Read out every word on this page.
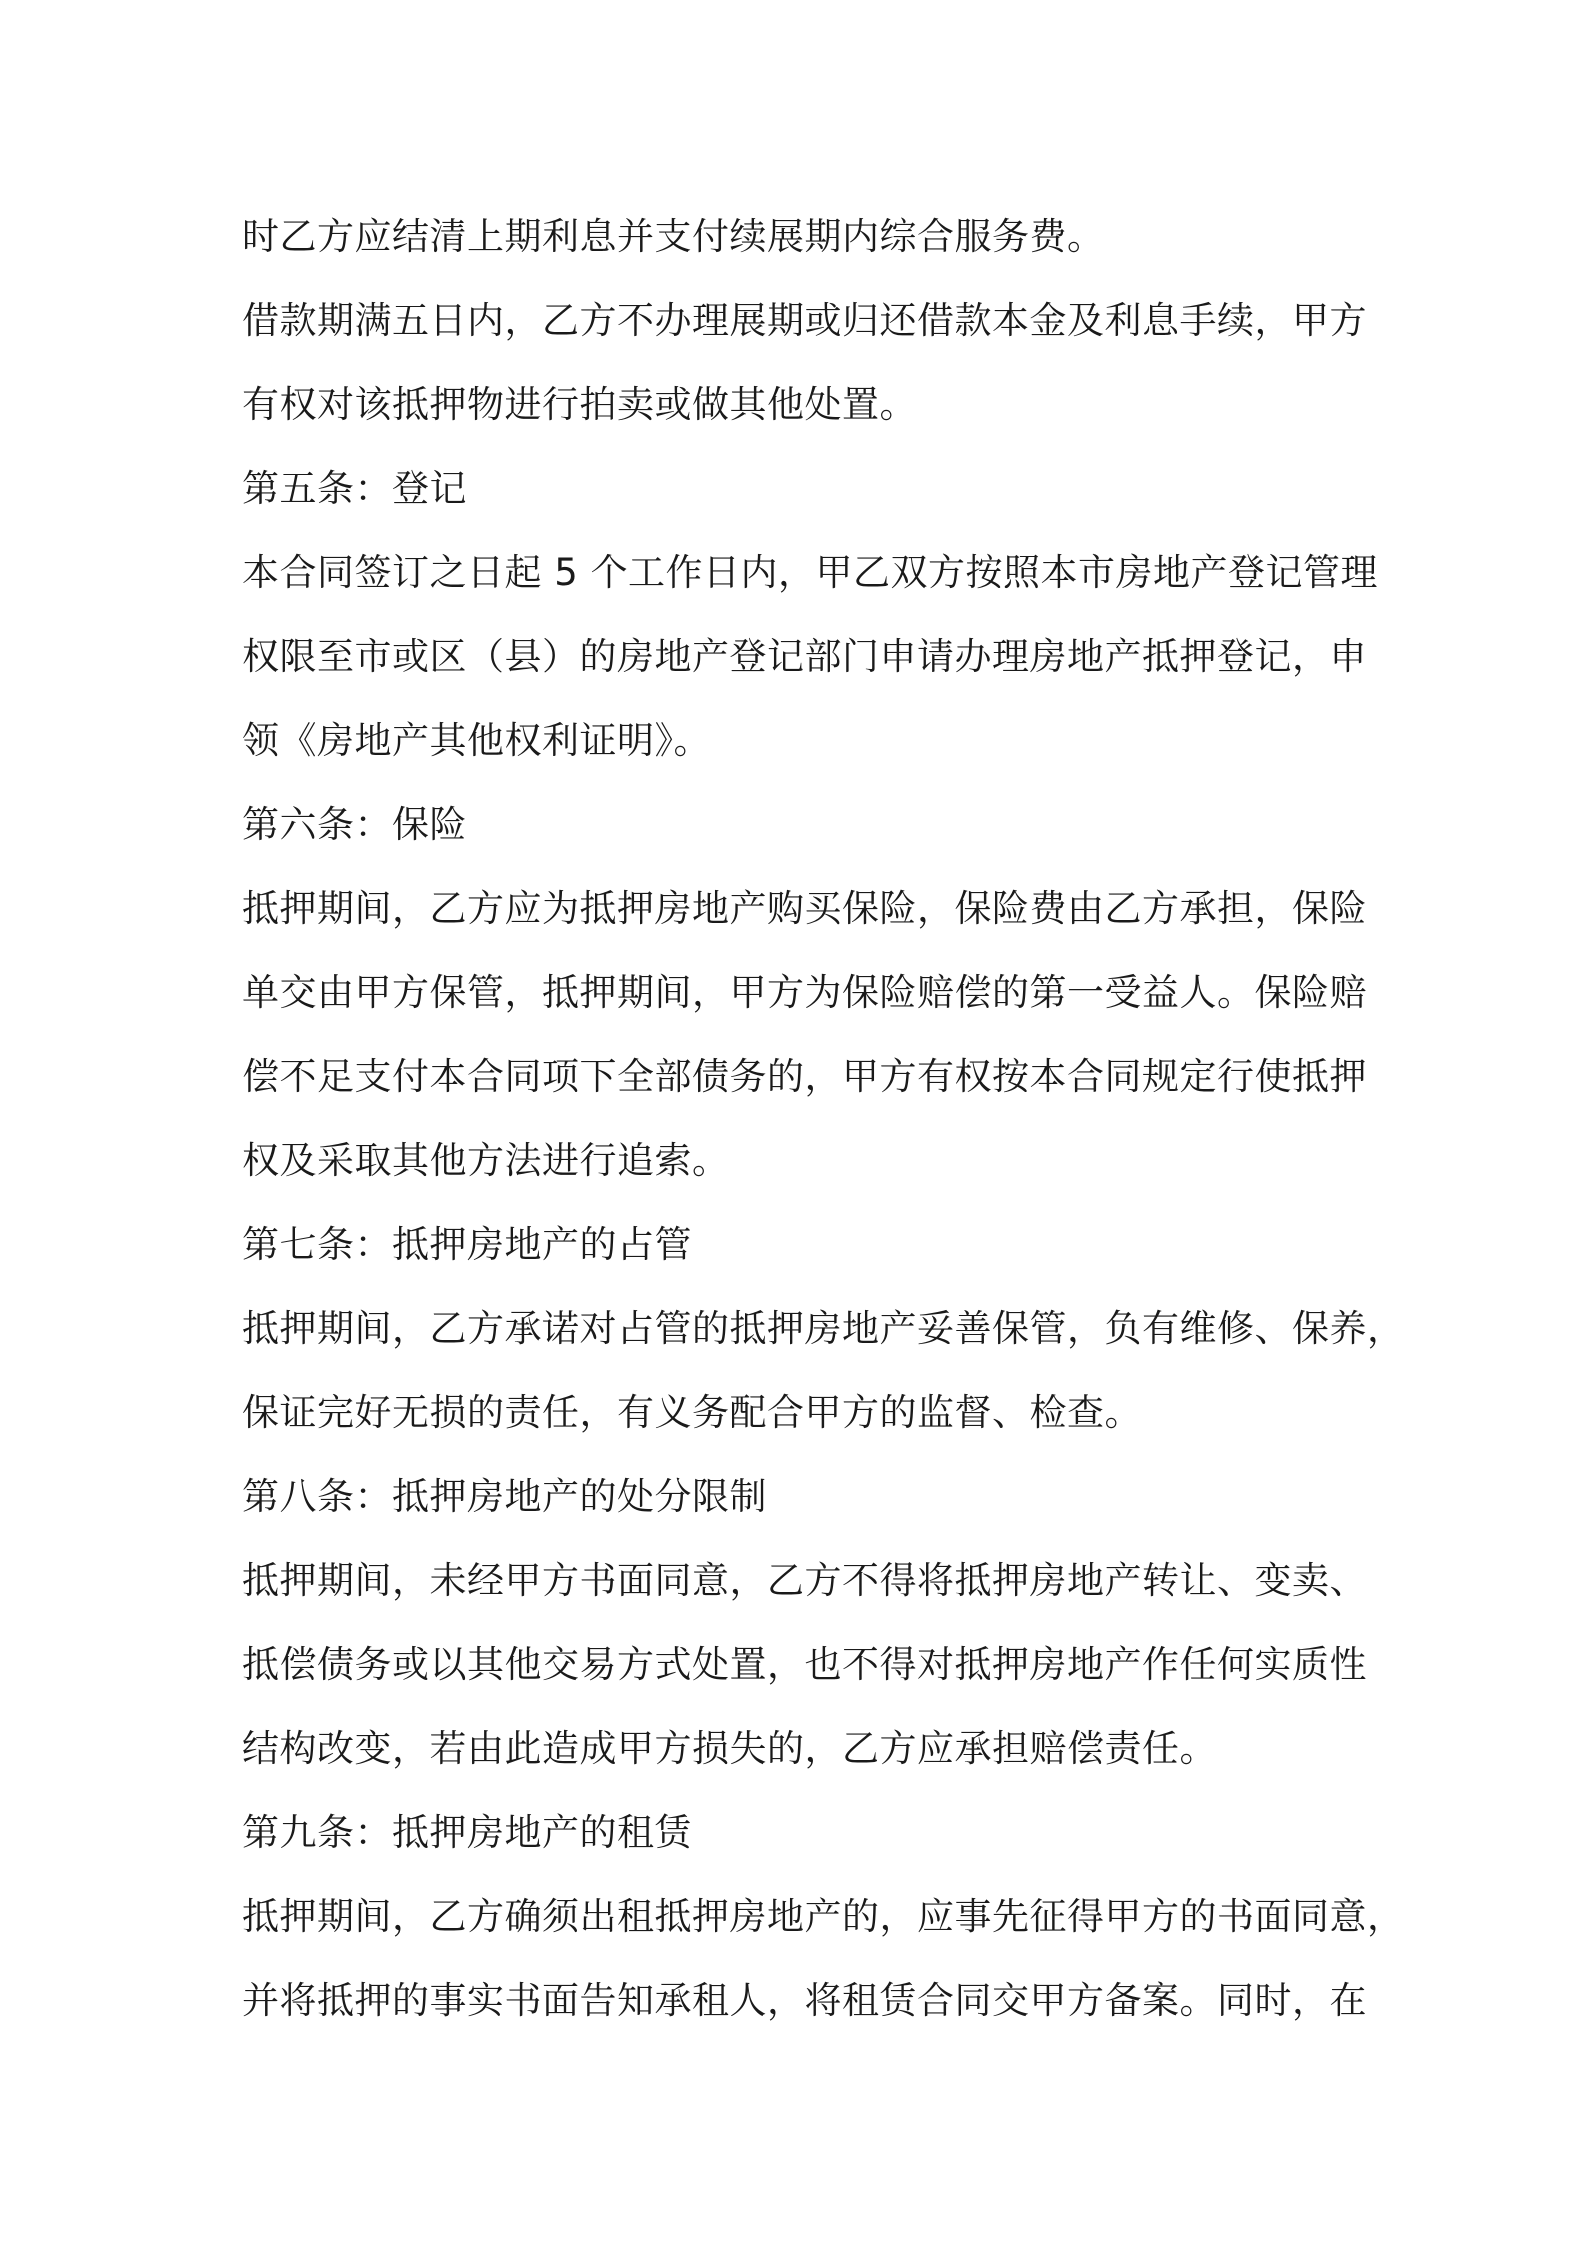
时乙方应结清上期利息并支付续展期内综合服务费。
借款期满五日内，乙方不办理展期或归还借款本金及利息手续，甲方
有权对该抵押物进行拍卖或做其他处置。
第五条：登记
本合同签订之日起 5 个工作日内，甲乙双方按照本市房地产登记管理
权限至市或区（县）的房地产登记部门申请办理房地产抵押登记，申
领《房地产其他权利证明》。
第六条：保险
抵押期间，乙方应为抵押房地产购买保险，保险费由乙方承担，保险
单交由甲方保管，抵押期间，甲方为保险赔偿的第一受益人。保险赔
偿不足支付本合同项下全部债务的，甲方有权按本合同规定行使抵押
权及采取其他方法进行追索。
第七条：抵押房地产的占管
抵押期间，乙方承诺对占管的抵押房地产妥善保管，负有维修、保养，
保证完好无损的责任，有义务配合甲方的监督、检查。
第八条：抵押房地产的处分限制
抵押期间，未经甲方书面同意，乙方不得将抵押房地产转让、变卖、
抵偿债务或以其他交易方式处置，也不得对抵押房地产作任何实质性
结构改变，若由此造成甲方损失的，乙方应承担赔偿责任。
第九条：抵押房地产的租赁
抵押期间，乙方确须出租抵押房地产的，应事先征得甲方的书面同意，
并将抵押的事实书面告知承租人，将租赁合同交甲方备案。同时，在
